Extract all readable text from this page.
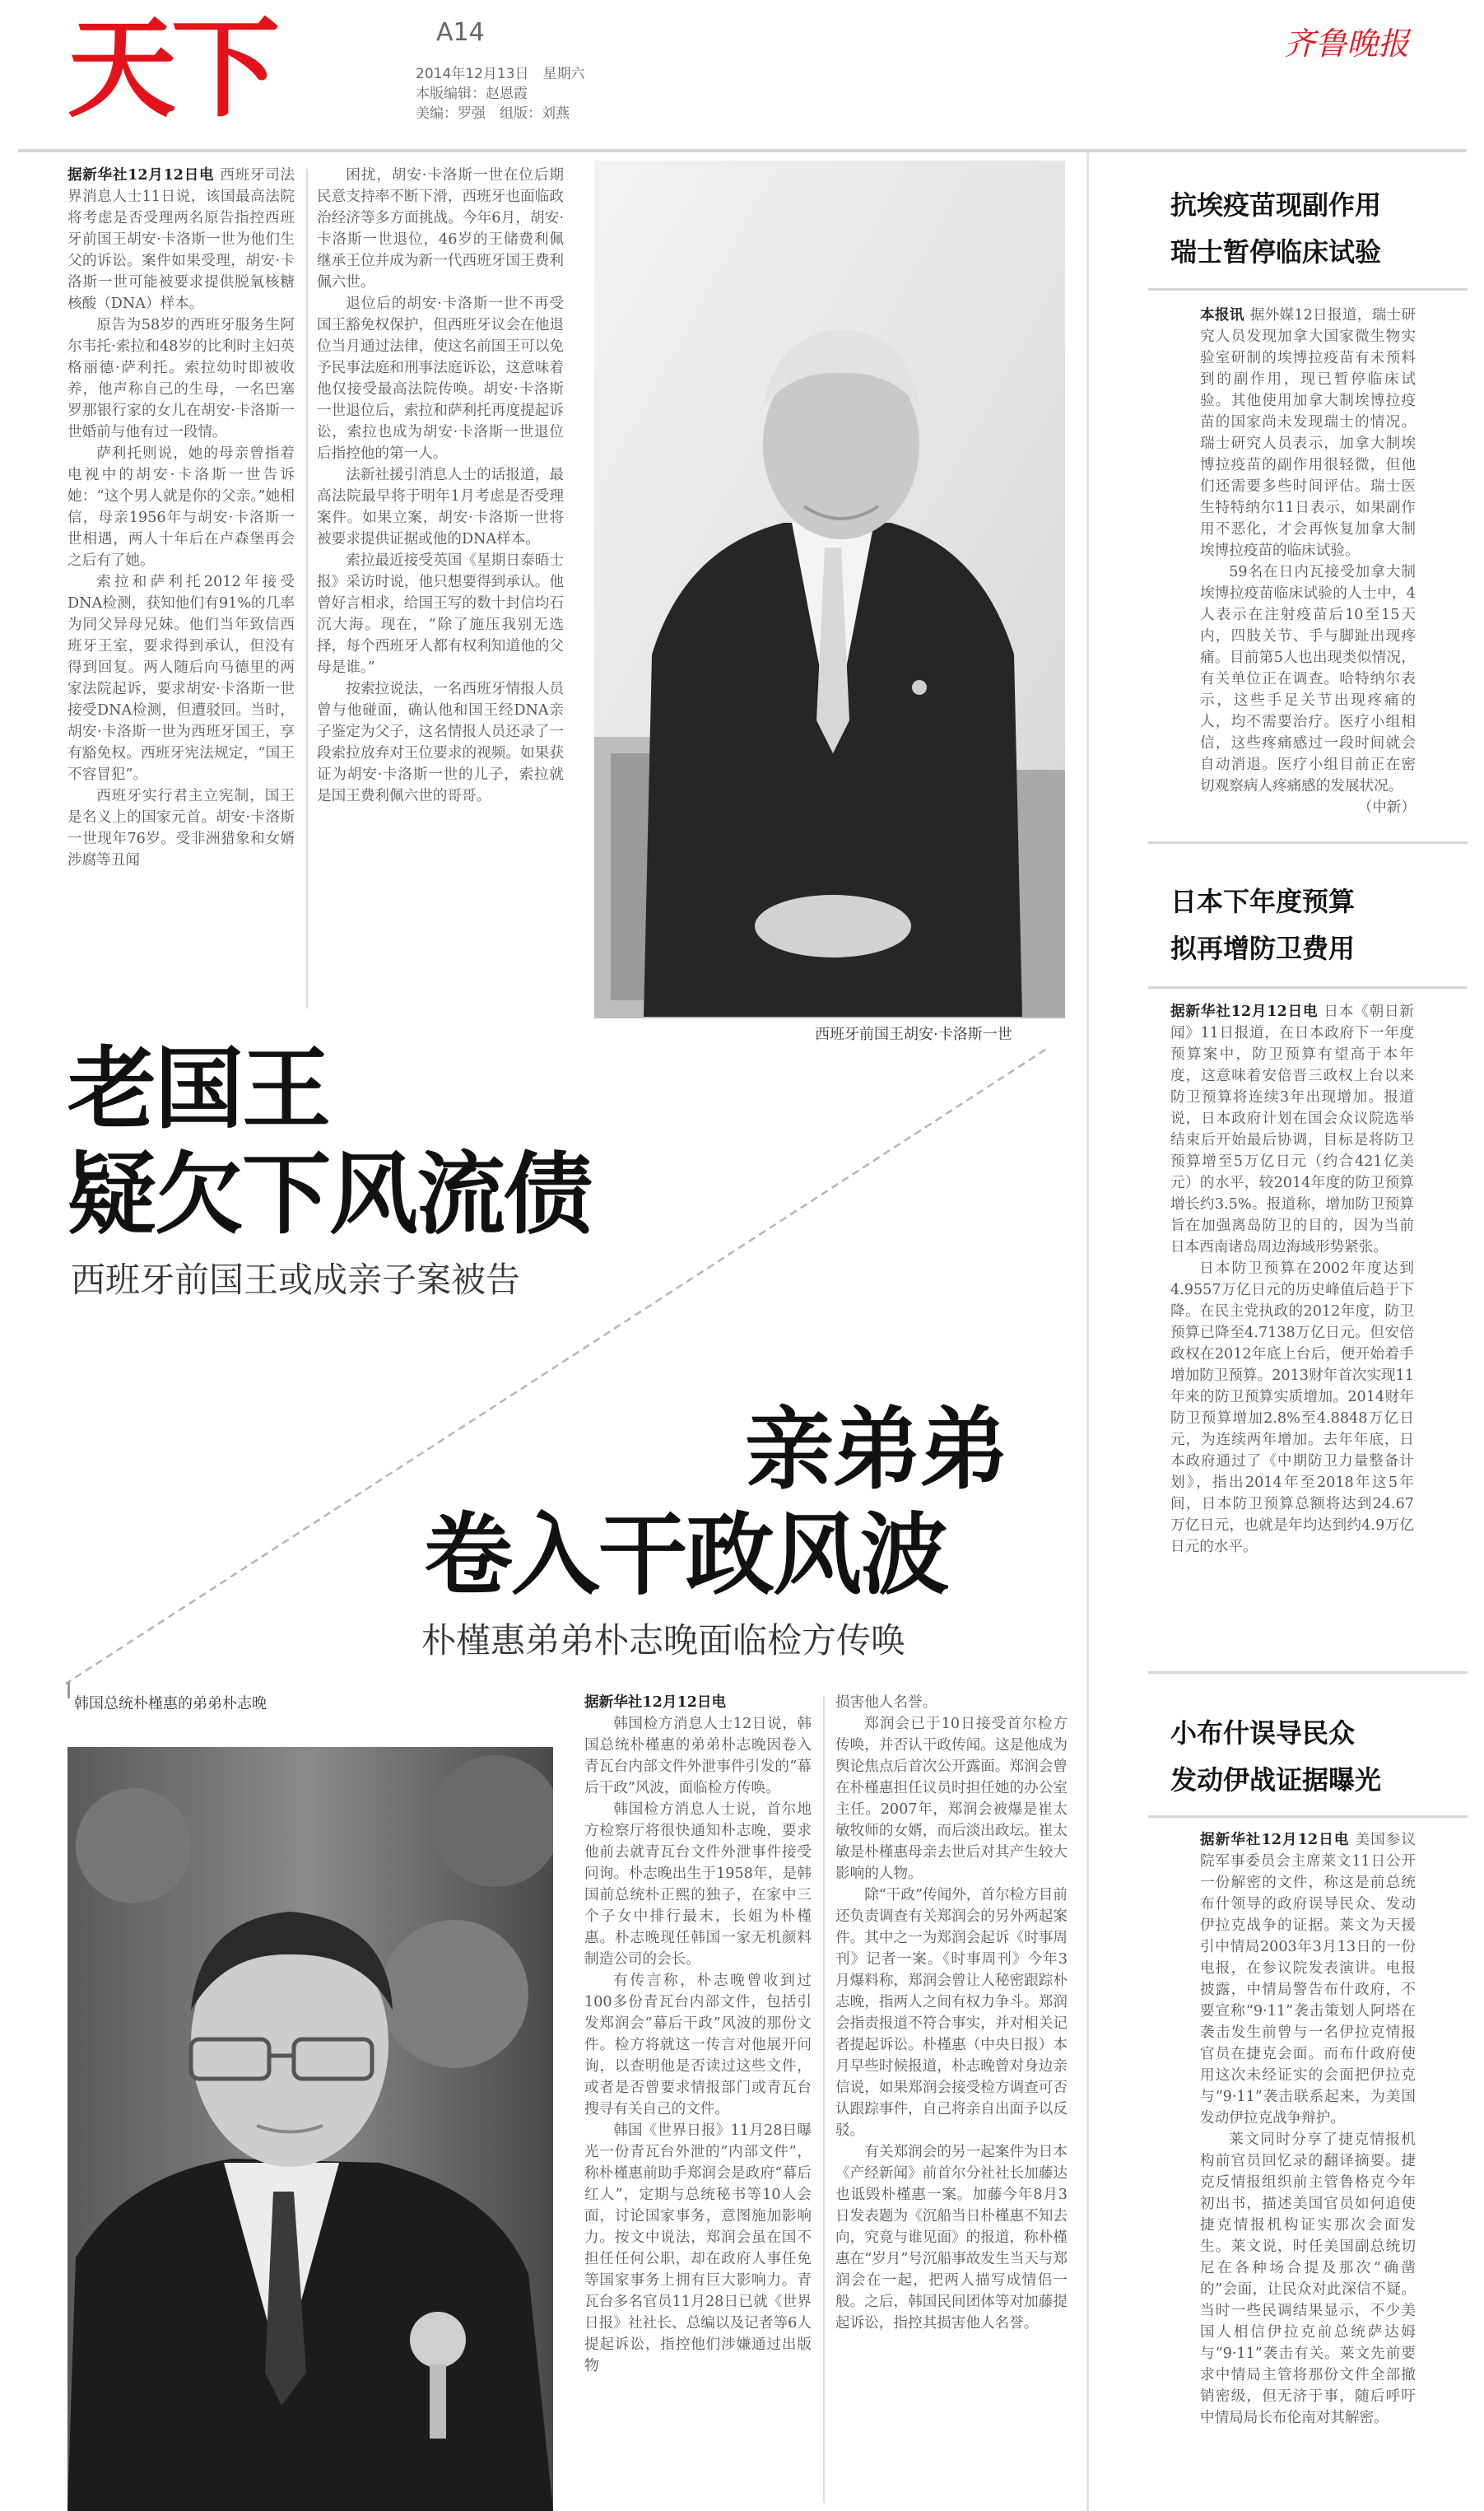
天下	A14
2014年12月13日　星期六
本版编辑：赵恩霞
美编：罗强　组版：刘燕
齐鲁晚报

据新华社12月12日电 西班牙司法界消息人士11日说，该国最高法院将考虑是否受理两名原告指控西班牙前国王胡安·卡洛斯一世为他们生父的诉讼。案件如果受理，胡安·卡洛斯一世可能被要求提供脱氧核糖核酸（DNA）样本。

原告为58岁的西班牙服务生阿尔韦托·索拉和48岁的比利时主妇英格丽德·萨利托。索拉幼时即被收养，他声称自己的生母，一名巴塞罗那银行家的女儿在胡安·卡洛斯一世婚前与他有过一段情。

萨利托则说，她的母亲曾指着电视中的胡安·卡洛斯一世告诉她：“这个男人就是你的父亲。”她相信，母亲1956年与胡安·卡洛斯一世相遇，两人十年后在卢森堡再会之后有了她。

索拉和萨利托2012年接受DNA检测，获知他们有91%的几率为同父异母兄妹。他们当年致信西班牙王室，要求得到承认，但没有得到回复。两人随后向马德里的两家法院起诉，要求胡安·卡洛斯一世接受DNA检测，但遭驳回。当时，胡安·卡洛斯一世为西班牙国王，享有豁免权。西班牙宪法规定，“国王不容冒犯”。

西班牙实行君主立宪制，国王是名义上的国家元首。胡安·卡洛斯一世现年76岁。受非洲猎象和女婿涉腐等丑闻

困扰，胡安·卡洛斯一世在位后期民意支持率不断下滑，西班牙也面临政治经济等多方面挑战。今年6月，胡安·卡洛斯一世退位，46岁的王储费利佩继承王位并成为新一代西班牙国王费利佩六世。

退位后的胡安·卡洛斯一世不再受国王豁免权保护，但西班牙议会在他退位当月通过法律，使这名前国王可以免予民事法庭和刑事法庭诉讼，这意味着他仅接受最高法院传唤。胡安·卡洛斯一世退位后，索拉和萨利托再度提起诉讼，索拉也成为胡安·卡洛斯一世退位后指控他的第一人。

法新社援引消息人士的话报道，最高法院最早将于明年1月考虑是否受理案件。如果立案，胡安·卡洛斯一世将被要求提供证据或他的DNA样本。

索拉最近接受英国《星期日泰晤士报》采访时说，他只想要得到承认。他曾好言相求，给国王写的数十封信均石沉大海。现在，“除了施压我别无选择，每个西班牙人都有权利知道他的父母是谁。”

按索拉说法，一名西班牙情报人员曾与他碰面，确认他和国王经DNA亲子鉴定为父子，这名情报人员还录了一段索拉放弃对王位要求的视频。如果获证为胡安·卡洛斯一世的儿子，索拉就是国王费利佩六世的哥哥。

西班牙前国王胡安·卡洛斯一世
老国王
疑欠下风流债
西班牙前国王或成亲子案被告
亲弟弟
卷入干政风波
朴槿惠弟弟朴志晚面临检方传唤
韩国总统朴槿惠的弟弟朴志晚	据新华社12月12日电

韩国检方消息人士12日说，韩国总统朴槿惠的弟弟朴志晚因卷入青瓦台内部文件外泄事件引发的“幕后干政”风波，面临检方传唤。

韩国检方消息人士说，首尔地方检察厅将很快通知朴志晚，要求他前去就青瓦台文件外泄事件接受问询。朴志晚出生于1958年，是韩国前总统朴正熙的独子，在家中三个子女中排行最末，长姐为朴槿惠。朴志晚现任韩国一家无机颜料制造公司的会长。

有传言称，朴志晚曾收到过100多份青瓦台内部文件，包括引发郑润会“幕后干政”风波的那份文件。检方将就这一传言对他展开问询，以查明他是否读过这些文件，或者是否曾要求情报部门或青瓦台搜寻有关自己的文件。

韩国《世界日报》11月28日曝光一份青瓦台外泄的“内部文件”，称朴槿惠前助手郑润会是政府“幕后红人”，定期与总统秘书等10人会面，讨论国家事务，意图施加影响力。按文中说法，郑润会虽在国不担任任何公职，却在政府人事任免等国家事务上拥有巨大影响力。青瓦台多名官员11月28日已就《世界日报》社社长、总编以及记者等6人提起诉讼，指控他们涉嫌通过出版物

损害他人名誉。

郑润会已于10日接受首尔检方传唤，并否认干政传闻。这是他成为舆论焦点后首次公开露面。郑润会曾在朴槿惠担任议员时担任她的办公室主任。2007年，郑润会被爆是崔太敏牧师的女婿，而后淡出政坛。崔太敏是朴槿惠母亲去世后对其产生较大影响的人物。

除“干政”传闻外，首尔检方目前还负责调查有关郑润会的另外两起案件。其中之一为郑润会起诉《时事周刊》记者一案。《时事周刊》今年3月爆料称，郑润会曾让人秘密跟踪朴志晚，指两人之间有权力争斗。郑润会指责报道不符合事实，并对相关记者提起诉讼。朴槿惠（中央日报）本月早些时候报道，朴志晚曾对身边亲信说，如果郑润会接受检方调查可否认跟踪事件，自己将亲自出面予以反驳。

有关郑润会的另一起案件为日本《产经新闻》前首尔分社社长加藤达也诋毁朴槿惠一案。加藤今年8月3日发表题为《沉船当日朴槿惠不知去向，究竟与谁见面》的报道，称朴槿惠在“岁月”号沉船事故发生当天与郑润会在一起，把两人描写成情侣一般。之后，韩国民间团体等对加藤提起诉讼，指控其损害他人名誉。

抗埃疫苗现副作用
瑞士暂停临床试验

本报讯 据外媒12日报道，瑞士研究人员发现加拿大国家微生物实验室研制的埃博拉疫苗有未预料到的副作用，现已暂停临床试验。其他使用加拿大制埃博拉疫苗的国家尚未发现瑞士的情况。瑞士研究人员表示，加拿大制埃博拉疫苗的副作用很轻微，但他们还需要多些时间评估。瑞士医生特特纳尔11日表示，如果副作用不恶化，才会再恢复加拿大制埃博拉疫苗的临床试验。

59名在日内瓦接受加拿大制埃博拉疫苗临床试验的人士中，4人表示在注射疫苗后10至15天内，四肢关节、手与脚趾出现疼痛。目前第5人也出现类似情况，有关单位正在调查。哈特纳尔表示，这些手足关节出现疼痛的人，均不需要治疗。医疗小组相信，这些疼痛感过一段时间就会自动消退。医疗小组目前正在密切观察病人疼痛感的发展状况。

（中新）

日本下年度预算
拟再增防卫费用

据新华社12月12日电 日本《朝日新闻》11日报道，在日本政府下一年度预算案中，防卫预算有望高于本年度，这意味着安倍晋三政权上台以来防卫预算将连续3年出现增加。报道说，日本政府计划在国会众议院选举结束后开始最后协调，目标是将防卫预算增至5万亿日元（约合421亿美元）的水平，较2014年度的防卫预算增长约3.5%。报道称，增加防卫预算旨在加强离岛防卫的目的，因为当前日本西南诸岛周边海域形势紧张。

日本防卫预算在2002年度达到4.9557万亿日元的历史峰值后趋于下降。在民主党执政的2012年度，防卫预算已降至4.7138万亿日元。但安倍政权在2012年底上台后，便开始着手增加防卫预算。2013财年首次实现11年来的防卫预算实质增加。2014财年防卫预算增加2.8%至4.8848万亿日元，为连续两年增加。去年年底，日本政府通过了《中期防卫力量整备计划》，指出2014年至2018年这5年间，日本防卫预算总额将达到24.67万亿日元，也就是年均达到约4.9万亿日元的水平。

小布什误导民众
发动伊战证据曝光

据新华社12月12日电 美国参议院军事委员会主席莱文11日公开一份解密的文件，称这是前总统布什领导的政府误导民众、发动伊拉克战争的证据。莱文为天援引中情局2003年3月13日的一份电报，在参议院发表演讲。电报披露，中情局警告布什政府，不要宣称“9·11”袭击策划人阿塔在袭击发生前曾与一名伊拉克情报官员在捷克会面。而布什政府使用这次未经证实的会面把伊拉克与“9·11”袭击联系起来，为美国发动伊拉克战争辩护。

莱文同时分享了捷克情报机构前官员回忆录的翻译摘要。捷克反情报组织前主管鲁格克今年初出书，描述美国官员如何追使捷克情报机构证实那次会面发生。莱文说，时任美国副总统切尼在各种场合提及那次“确凿的”会面，让民众对此深信不疑。当时一些民调结果显示，不少美国人相信伊拉克前总统萨达姆与“9·11”袭击有关。莱文先前要求中情局主管将那份文件全部撤销密级，但无济于事，随后呼吁中情局局长布伦南对其解密。
